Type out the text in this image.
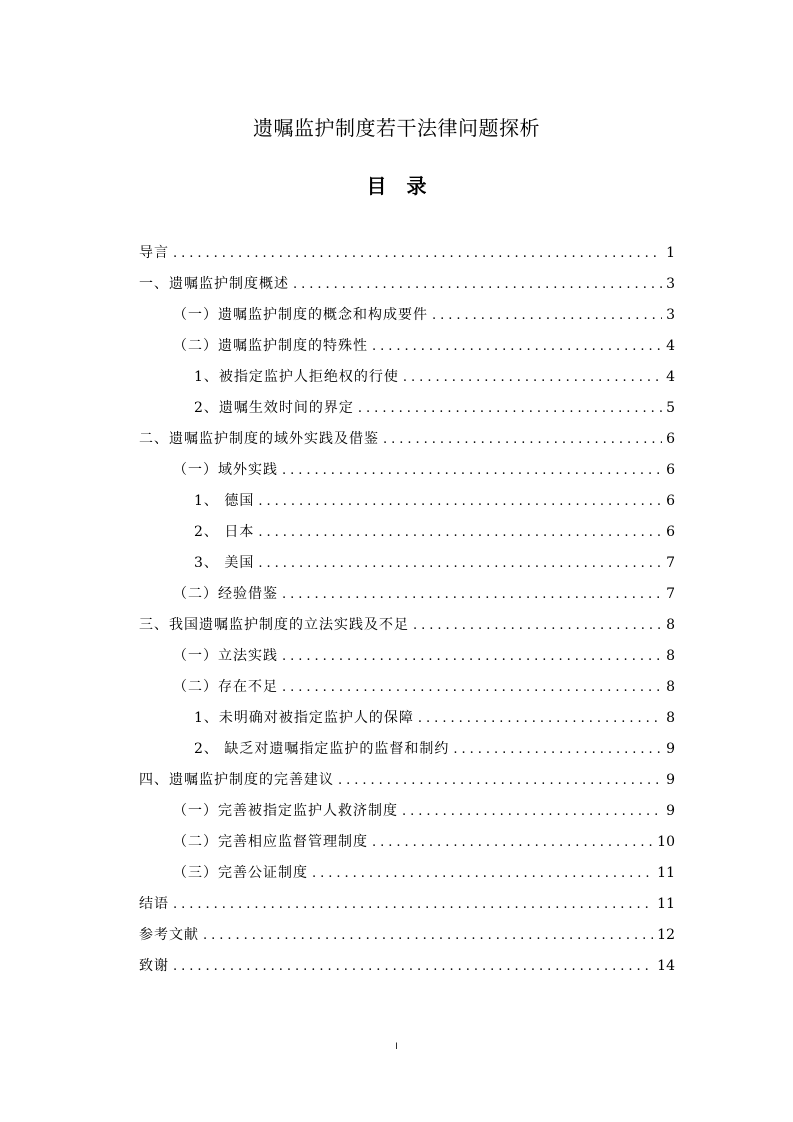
遗嘱监护制度若干法律问题探析
目 录
导言 .....	1
一、遗嘱监护制度概述 .....	3
（一）遗嘱监护制度的概念和构成要件 .....	3
（二）遗嘱监护制度的特殊性 .....	4
1、被指定监护人拒绝权的行使 .....	4
2、遗嘱生效时间的界定 .....	5
二、遗嘱监护制度的域外实践及借鉴 .....	6
（一）域外实践 .....	6
1、 德国 .....	6
2、 日本 .....	6
3、 美国 .....	7
（二）经验借鉴 .....	7
三、我国遗嘱监护制度的立法实践及不足 .....	8
（一）立法实践 .....	8
（二）存在不足 .....	8
1、未明确对被指定监护人的保障 .....	8
2、 缺乏对遗嘱指定监护的监督和制约 .....	9
四、遗嘱监护制度的完善建议 .....	9
（一）完善被指定监护人救济制度 .....	9
（二）完善相应监督管理制度 .....	10
（三）完善公证制度 .....	11
结语 .....	11
参考文献 .....	12
致谢 .....	14
I
